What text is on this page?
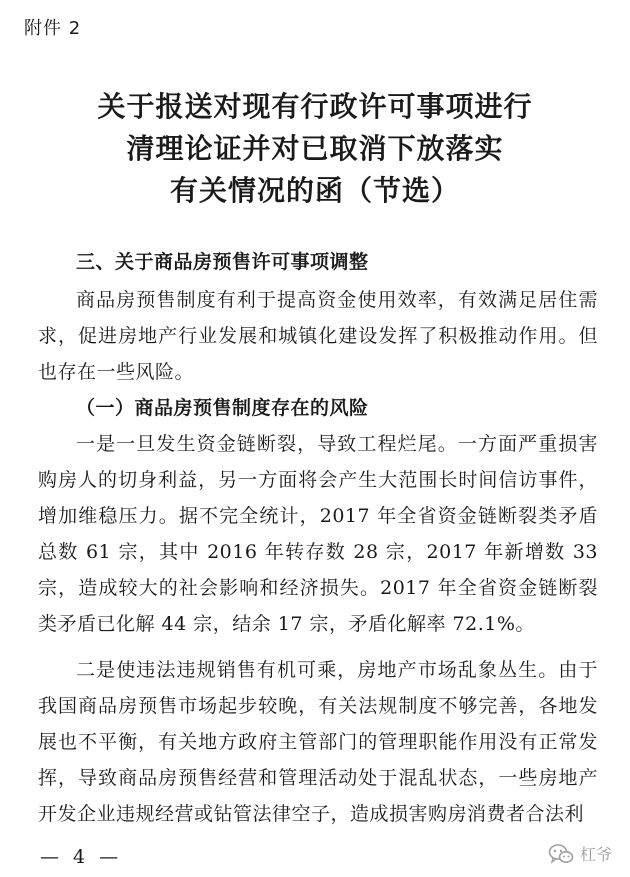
附件 2
关于报送对现有行政许可事项进行
清理论证并对已取消下放落实
有关情况的函（节选）

三、关于商品房预售许可事项调整

商品房预售制度有利于提高资金使用效率，有效满足居住需求，促进房地产行业发展和城镇化建设发挥了积极推动作用。但也存在一些风险。

（一）商品房预售制度存在的风险

一是一旦发生资金链断裂，导致工程烂尾。一方面严重损害购房人的切身利益，另一方面将会产生大范围长时间信访事件，增加维稳压力。据不完全统计，2017 年全省资金链断裂类矛盾总数 61 宗，其中 2016 年转存数 28 宗，2017 年新增数 33 宗，造成较大的社会影响和经济损失。2017 年全省资金链断裂类矛盾已化解 44 宗，结余 17 宗，矛盾化解率 72.1%。

二是使违法违规销售有机可乘，房地产市场乱象丛生。由于我国商品房预售市场起步较晚，有关法规制度不够完善，各地发展也不平衡，有关地方政府主管部门的管理职能作用没有正常发挥，导致商品房预售经营和管理活动处于混乱状态，一些房地产开发企业违规经营或钻管法律空子，造成损害购房消费者合法利

— 4 —	杠爷
